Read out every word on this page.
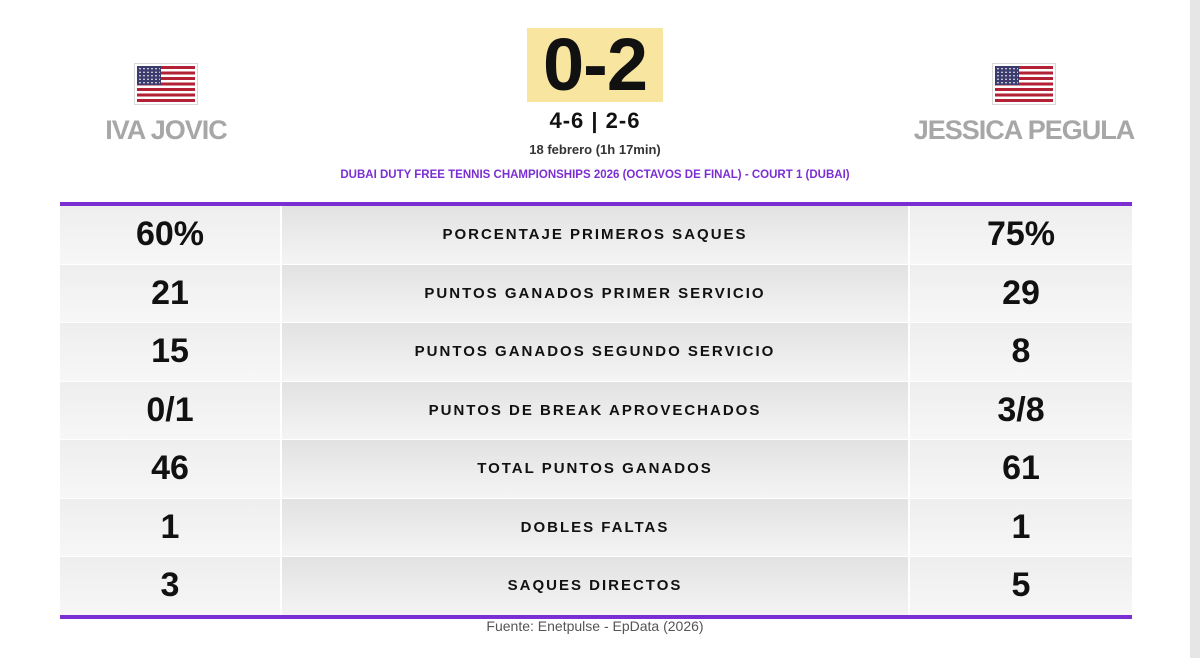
IVA JOVIC
0-2
4-6 | 2-6
18 febrero (1h 17min)
DUBAI DUTY FREE TENNIS CHAMPIONSHIPS 2026 (OCTAVOS DE FINAL) - COURT 1 (DUBAI)
JESSICA PEGULA
60%	PORCENTAJE PRIMEROS SAQUES	75%
21	PUNTOS GANADOS PRIMER SERVICIO	29
15	PUNTOS GANADOS SEGUNDO SERVICIO	8
0/1	PUNTOS DE BREAK APROVECHADOS	3/8
46	TOTAL PUNTOS GANADOS	61
1	DOBLES FALTAS	1
3	SAQUES DIRECTOS	5
Fuente: Enetpulse - EpData (2026)
